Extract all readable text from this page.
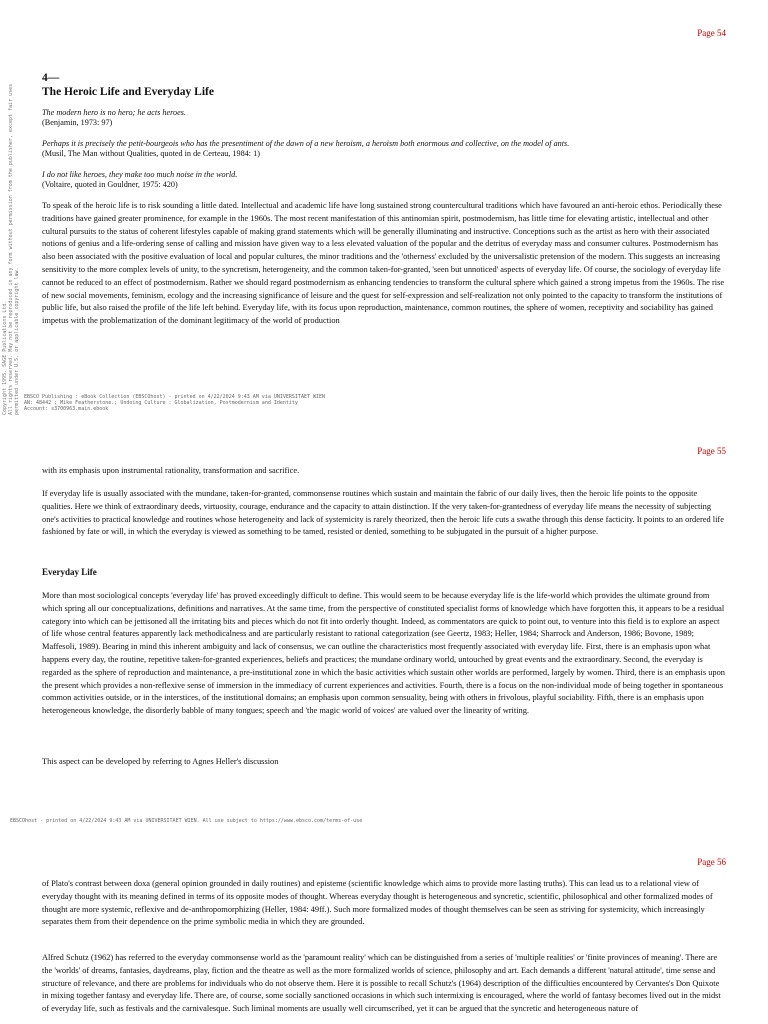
Page 54
Copyright 1995. SAGE Publications Ltd. All rights reserved. May not be reproduced in any form without permission from the publisher, except fair uses permitted under U.S. or applicable copyright law.

4—

The Heroic Life and Everyday Life

The modern hero is no hero; he acts heroes.

(Benjamin, 1973: 97)

Perhaps it is precisely the petit-bourgeois who has the presentiment of the dawn of a new heroism, a heroism both enormous and collective, on the model of ants.

(Musil, The Man without Qualities, quoted in de Certeau, 1984: 1)

I do not like heroes, they make too much noise in the world.

(Voltaire, quoted in Gouldner, 1975: 420)

To speak of the heroic life is to risk sounding a little dated. Intellectual and academic life have long sustained strong countercultural traditions which have favoured an anti-heroic ethos. Periodically these traditions have gained greater prominence, for example in the 1960s. The most recent manifestation of this antinomian spirit, postmodernism, has little time for elevating artistic, intellectual and other cultural pursuits to the status of coherent lifestyles capable of making grand statements which will be generally illuminating and instructive. Conceptions such as the artist as hero with their associated notions of genius and a life-ordering sense of calling and mission have given way to a less elevated valuation of the popular and the detritus of everyday mass and consumer cultures. Postmodernism has also been associated with the positive evaluation of local and popular cultures, the minor traditions and the 'otherness' excluded by the universalistic pretension of the modern. This suggests an increasing sensitivity to the more complex levels of unity, to the syncretism, heterogeneity, and the common taken-for-granted, 'seen but unnoticed' aspects of everyday life. Of course, the sociology of everyday life cannot be reduced to an effect of postmodernism. Rather we should regard postmodernism as enhancing tendencies to transform the cultural sphere which gained a strong impetus from the 1960s. The rise of new social movements, feminism, ecology and the increasing significance of leisure and the quest for self-expression and self-realization not only pointed to the capacity to transform the institutions of public life, but also raised the profile of the life left behind. Everyday life, with its focus upon reproduction, maintenance, common routines, the sphere of women, receptivity and sociability has gained impetus with the problematization of the dominant legitimacy of the world of production

EBSCO Publishing : eBook Collection (EBSCOhost) - printed on 4/22/2024 9:43 AM via UNIVERSITAET WIEN
AN: 48442 ; Mike Featherstone.; Undoing Culture : Globalization, Postmodernism and Identity
Account: s3700963.main.ebook
Page 55

with its emphasis upon instrumental rationality, transformation and sacrifice.

If everyday life is usually associated with the mundane, taken-for-granted, commonsense routines which sustain and maintain the fabric of our daily lives, then the heroic life points to the opposite qualities. Here we think of extraordinary deeds, virtuosity, courage, endurance and the capacity to attain distinction. If the very taken-for-grantedness of everyday life means the necessity of subjecting one's activities to practical knowledge and routines whose heterogeneity and lack of systemicity is rarely theorized, then the heroic life cuts a swathe through this dense facticity. It points to an ordered life fashioned by fate or will, in which the everyday is viewed as something to be tamed, resisted or denied, something to be subjugated in the pursuit of a higher purpose.

Everyday Life

More than most sociological concepts 'everyday life' has proved exceedingly difficult to define. This would seem to be because everyday life is the life-world which provides the ultimate ground from which spring all our conceptualizations, definitions and narratives. At the same time, from the perspective of constituted specialist forms of knowledge which have forgotten this, it appears to be a residual category into which can be jettisoned all the irritating bits and pieces which do not fit into orderly thought. Indeed, as commentators are quick to point out, to venture into this field is to explore an aspect of life whose central features apparently lack methodicalness and are particularly resistant to rational categorization (see Geertz, 1983; Heller, 1984; Sharrock and Anderson, 1986; Bovone, 1989; Maffesoli, 1989). Bearing in mind this inherent ambiguity and lack of consensus, we can outline the characteristics most frequently associated with everyday life. First, there is an emphasis upon what happens every day, the routine, repetitive taken-for-granted experiences, beliefs and practices; the mundane ordinary world, untouched by great events and the extraordinary. Second, the everyday is regarded as the sphere of reproduction and maintenance, a pre-institutional zone in which the basic activities which sustain other worlds are performed, largely by women. Third, there is an emphasis upon the present which provides a non-reflexive sense of immersion in the immediacy of current experiences and activities. Fourth, there is a focus on the non-individual mode of being together in spontaneous common activities outside, or in the interstices, of the institutional domains; an emphasis upon common sensuality, being with others in frivolous, playful sociability. Fifth, there is an emphasis upon heterogeneous knowledge, the disorderly babble of many tongues; speech and 'the magic world of voices' are valued over the linearity of writing.

This aspect can be developed by referring to Agnes Heller's discussion

EBSCOhost - printed on 4/22/2024 9:43 AM via UNIVERSITAET WIEN. All use subject to https://www.ebsco.com/terms-of-use
Page 56

of Plato's contrast between doxa (general opinion grounded in daily routines) and episteme (scientific knowledge which aims to provide more lasting truths). This can lead us to a relational view of everyday thought with its meaning defined in terms of its opposite modes of thought. Whereas everyday thought is heterogeneous and syncretic, scientific, philosophical and other formalized modes of thought are more systemic, reflexive and de-anthropomorphizing (Heller, 1984: 49ff.). Such more formalized modes of thought themselves can be seen as striving for systemicity, which increasingly separates them from their dependence on the prime symbolic media in which they are grounded.

Alfred Schutz (1962) has referred to the everyday commonsense world as the 'paramount reality' which can be distinguished from a series of 'multiple realities' or 'finite provinces of meaning'. There are the 'worlds' of dreams, fantasies, daydreams, play, fiction and the theatre as well as the more formalized worlds of science, philosophy and art. Each demands a different 'natural attitude', time sense and structure of relevance, and there are problems for individuals who do not observe them. Here it is possible to recall Schutz's (1964) description of the difficulties encountered by Cervantes's Don Quixote in mixing together fantasy and everyday life. There are, of course, some socially sanctioned occasions in which such intermixing is encouraged, where the world of fantasy becomes lived out in the midst of everyday life, such as festivals and the carnivalesque. Such liminal moments are usually well circumscribed, yet it can be argued that the syncretic and heterogeneous nature of
